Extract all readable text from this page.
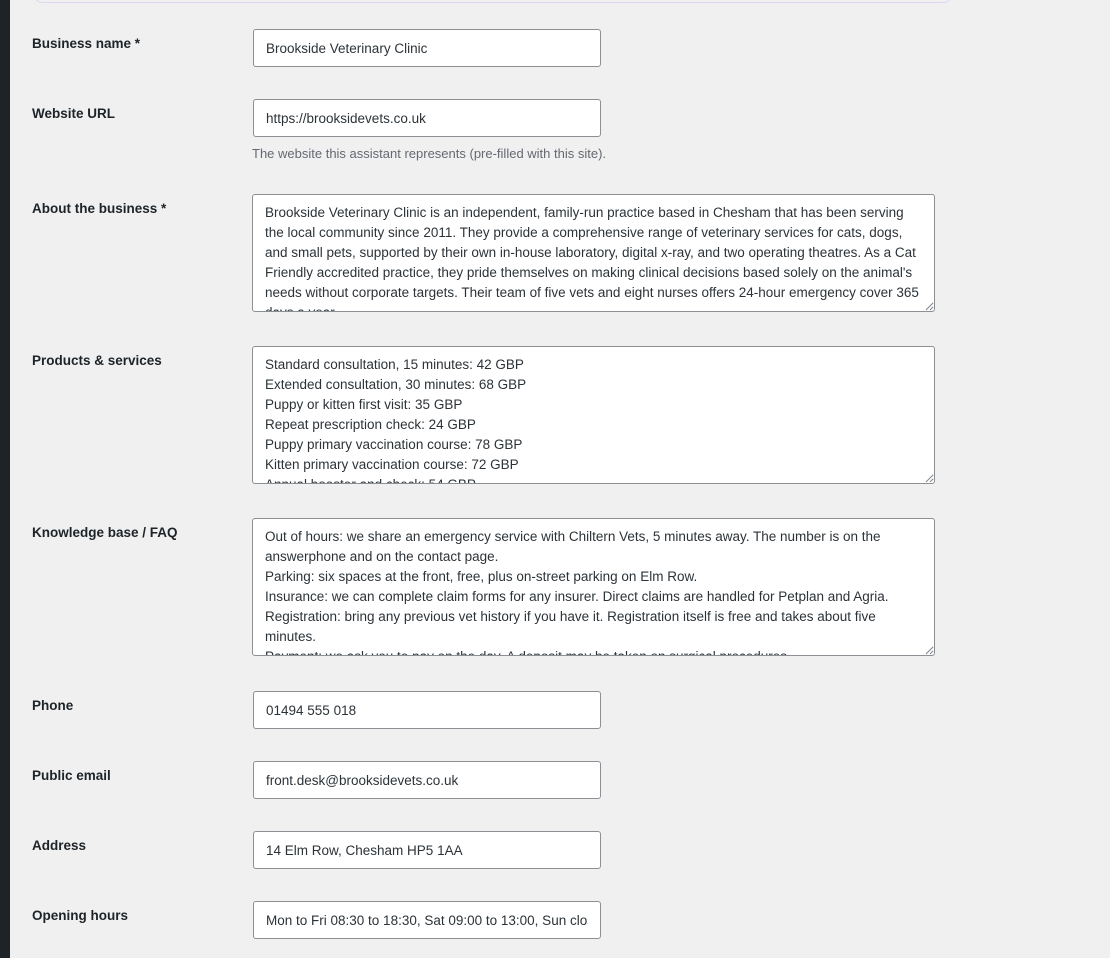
Business name *
Brookside Veterinary Clinic
Website URL
https://brooksidevets.co.uk

The website this assistant represents (pre-filled with this site).

About the business *
Brookside Veterinary Clinic is an independent, family-run practice based in Chesham that has been serving the local community since 2011. They provide a comprehensive range of veterinary services for cats, dogs, and small pets, supported by their own in-house laboratory, digital x-ray, and two operating theatres. As a Cat Friendly accredited practice, they pride themselves on making clinical decisions based solely on the animal's needs without corporate targets. Their team of five vets and eight nurses offers 24-hour emergency cover 365 days a year.
Products & services
Standard consultation, 15 minutes: 42 GBP Extended consultation, 30 minutes: 68 GBP Puppy or kitten first visit: 35 GBP Repeat prescription check: 24 GBP Puppy primary vaccination course: 78 GBP Kitten primary vaccination course: 72 GBP Annual booster and check: 54 GBP
Knowledge base / FAQ
Out of hours: we share an emergency service with Chiltern Vets, 5 minutes away. The number is on the answerphone and on the contact page. Parking: six spaces at the front, free, plus on-street parking on Elm Row. Insurance: we can complete claim forms for any insurer. Direct claims are handled for Petplan and Agria. Registration: bring any previous vet history if you have it. Registration itself is free and takes about five minutes. Payment: we ask you to pay on the day. A deposit may be taken on surgical procedures.
Phone
01494 555 018
Public email
front.desk@brooksidevets.co.uk
Address
14 Elm Row, Chesham HP5 1AA
Opening hours
Mon to Fri 08:30 to 18:30, Sat 09:00 to 13:00, Sun closed
